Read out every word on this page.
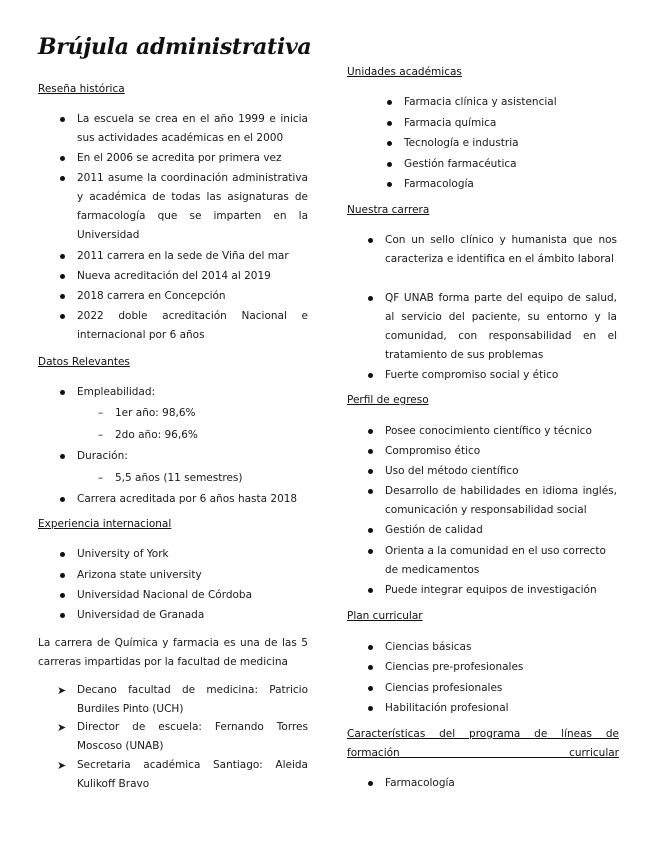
Brújula administrativa
Reseña histórica
La escuela se crea en el año 1999 e inicia sus actividades académicas en el 2000
En el 2006 se acredita por primera vez
2011 asume la coordinación administrativa y académica de todas las asignaturas de farmacología que se imparten en la Universidad
2011 carrera en la sede de Viña del mar
Nueva acreditación del 2014 al 2019
2018 carrera en Concepción
2022 doble acreditación Nacional e internacional por 6 años
Datos Relevantes
Empleabilidad:
– 1er año: 98,6%
– 2do año: 96,6%
Duración:
– 5,5 años (11 semestres)
Carrera acreditada por 6 años hasta 2018
Experiencia internacional
University of York
Arizona state university
Universidad Nacional de Córdoba
Universidad de Granada
La carrera de Química y farmacia es una de las 5 carreras impartidas por la facultad de medicina
➤ Decano facultad de medicina: Patricio Burdiles Pinto (UCH)
➤ Director de escuela: Fernando Torres Moscoso (UNAB)
➤ Secretaria académica Santiago: Aleida Kulikoff Bravo
Unidades académicas
Farmacia clínica y asistencial
Farmacia química
Tecnología e industria
Gestión farmacéutica
Farmacología
Nuestra carrera
Con un sello clínico y humanista que nos caracteriza e identifica en el ámbito laboral
QF UNAB forma parte del equipo de salud, al servicio del paciente, su entorno y la comunidad, con responsabilidad en el tratamiento de sus problemas
Fuerte compromiso social y ético
Perfil de egreso
Posee conocimiento científico y técnico
Compromiso ético
Uso del método científico
Desarrollo de habilidades en idioma inglés, comunicación y responsabilidad social
Gestión de calidad
Orienta a la comunidad en el uso correcto de medicamentos
Puede integrar equipos de investigación
Plan curricular
Ciencias básicas
Ciencias pre-profesionales
Ciencias profesionales
Habilitación profesional
Características del programa de líneas de formación curricular
Farmacología
